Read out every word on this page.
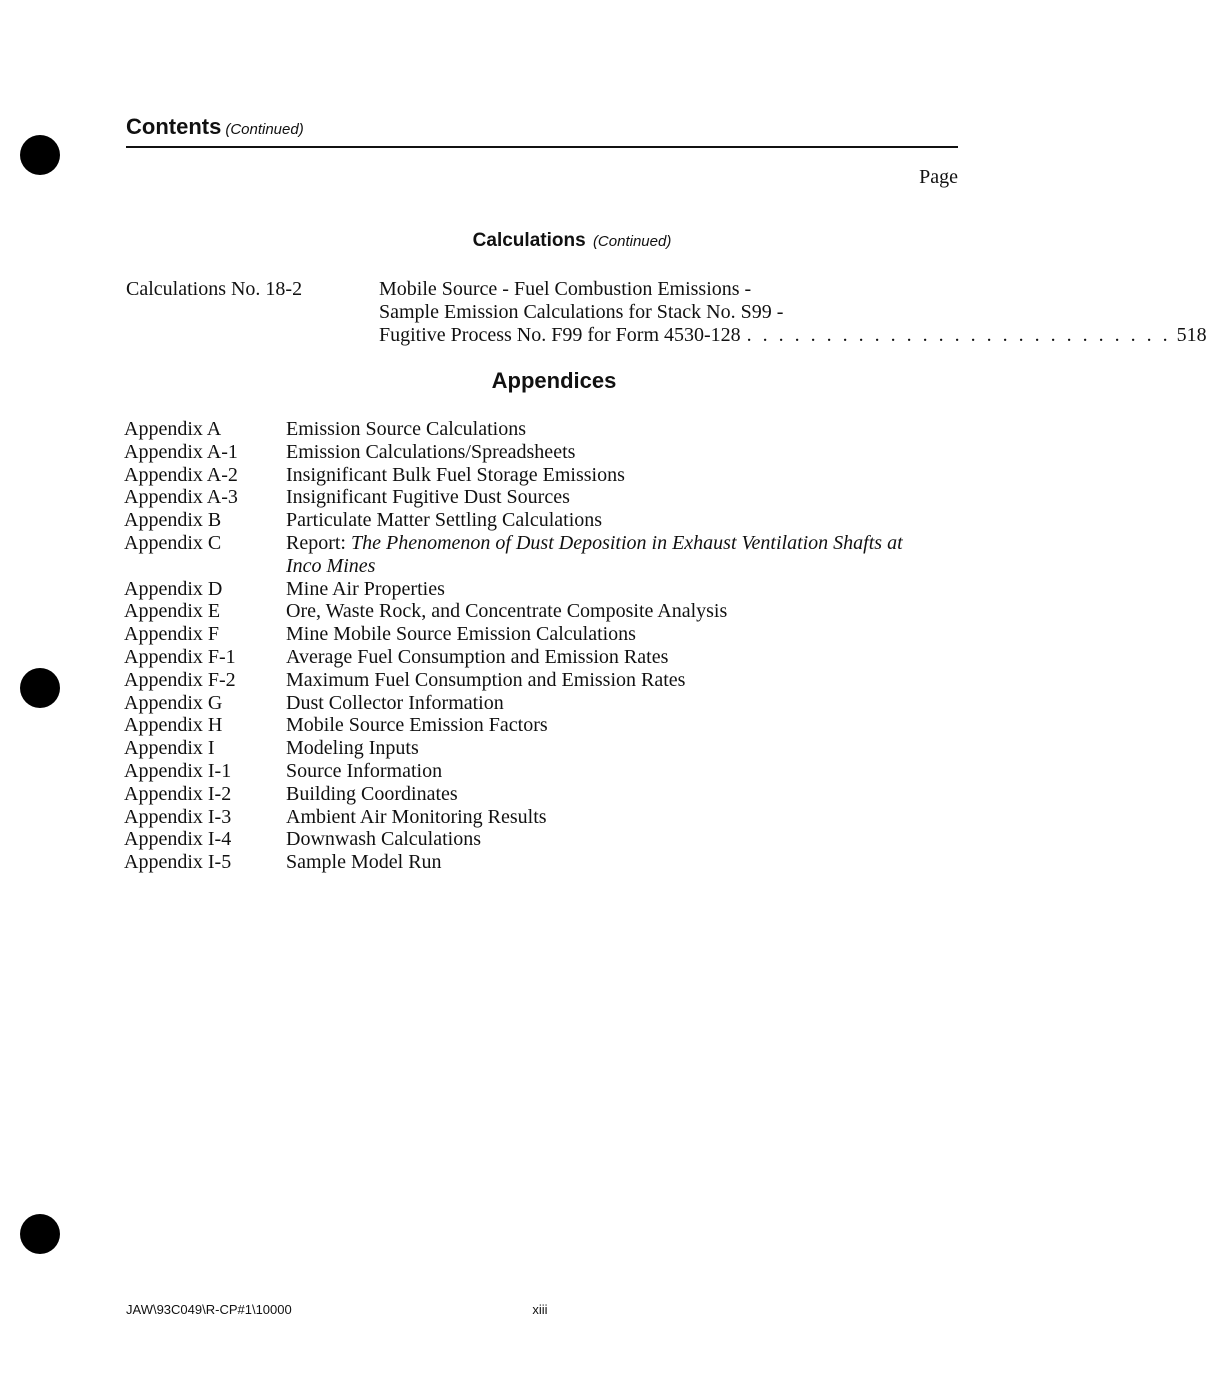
Contents (Continued)
Page
Calculations (Continued)
Calculations No. 18-2	Mobile Source - Fuel Combustion Emissions -
Sample Emission Calculations for Stack No. S99 -
Fugitive Process No. F99 for Form 4530-128 . . . . . . . . . . . . . . . . . . . . . . . . . . . 518
Appendices
Appendix A	Emission Source Calculations
Appendix A-1	Emission Calculations/Spreadsheets
Appendix A-2	Insignificant Bulk Fuel Storage Emissions
Appendix A-3	Insignificant Fugitive Dust Sources
Appendix B	Particulate Matter Settling Calculations
Appendix C	Report: The Phenomenon of Dust Deposition in Exhaust Ventilation Shafts at Inco Mines
Appendix D	Mine Air Properties
Appendix E	Ore, Waste Rock, and Concentrate Composite Analysis
Appendix F	Mine Mobile Source Emission Calculations
Appendix F-1	Average Fuel Consumption and Emission Rates
Appendix F-2	Maximum Fuel Consumption and Emission Rates
Appendix G	Dust Collector Information
Appendix H	Mobile Source Emission Factors
Appendix I	Modeling Inputs
Appendix I-1	Source Information
Appendix I-2	Building Coordinates
Appendix I-3	Ambient Air Monitoring Results
Appendix I-4	Downwash Calculations
Appendix I-5	Sample Model Run
JAW\93C049\R-CP#1\10000	xiii
